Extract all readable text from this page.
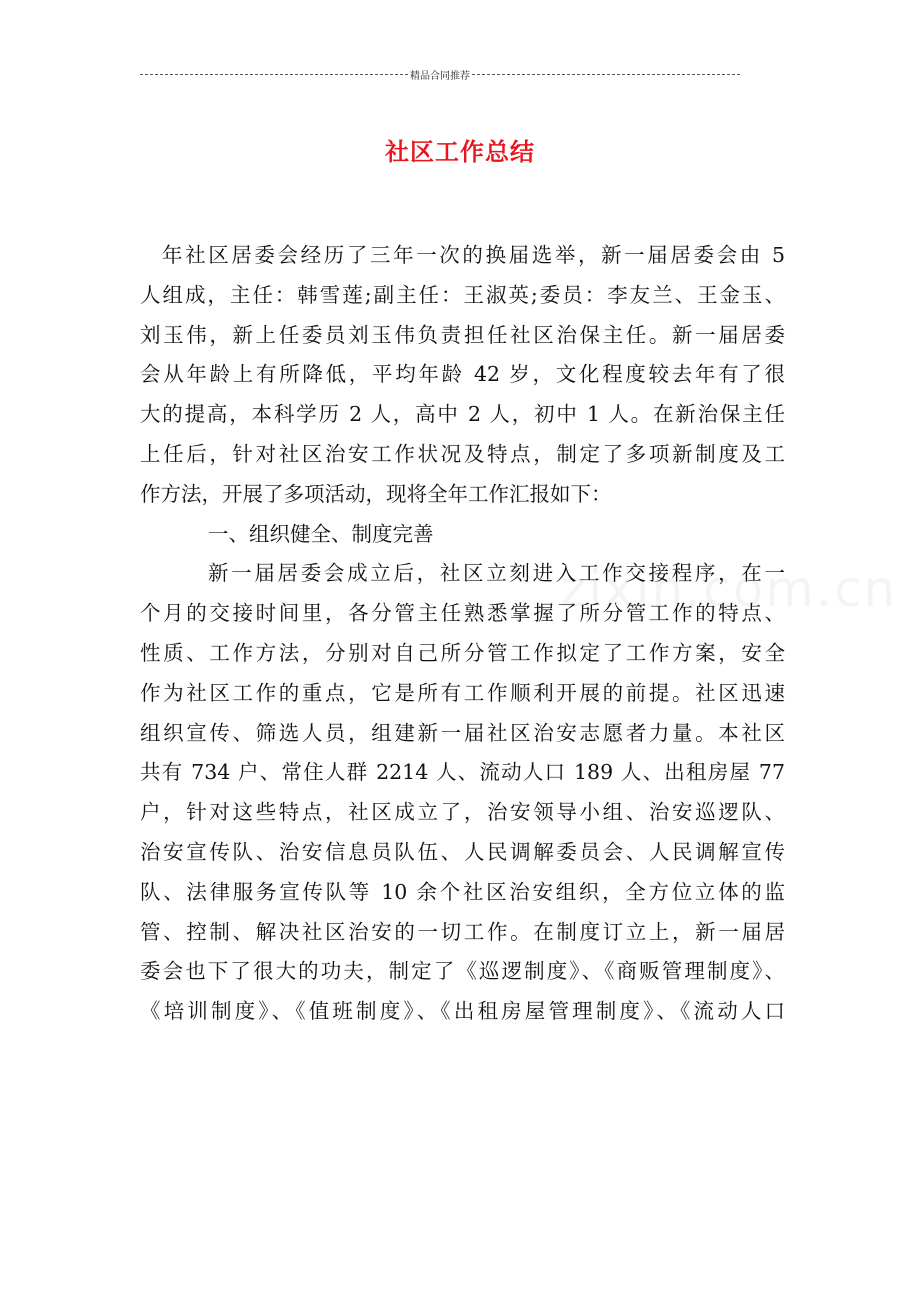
精品合同推荐
社区工作总结

年社区居委会经历了三年一次的换届选举，新一届居委会由 5
人组成，主任：韩雪莲;副主任：王淑英;委员：李友兰、王金玉、
刘玉伟，新上任委员刘玉伟负责担任社区治保主任。新一届居委
会从年龄上有所降低，平均年龄 42 岁，文化程度较去年有了很
大的提高，本科学历 2 人，高中 2 人，初中 1 人。在新治保主任
上任后，针对社区治安工作状况及特点，制定了多项新制度及工
作方法，开展了多项活动，现将全年工作汇报如下：

一、组织健全、制度完善

新一届居委会成立后，社区立刻进入工作交接程序，在一
个月的交接时间里，各分管主任熟悉掌握了所分管工作的特点、
性质、工作方法，分别对自己所分管工作拟定了工作方案，安全
作为社区工作的重点，它是所有工作顺利开展的前提。社区迅速
组织宣传、筛选人员，组建新一届社区治安志愿者力量。本社区
共有 734 户、常住人群 2214 人、流动人口 189 人、出租房屋 77
户，针对这些特点，社区成立了，治安领导小组、治安巡逻队、
治安宣传队、治安信息员队伍、人民调解委员会、人民调解宣传
队、法律服务宣传队等 10 余个社区治安组织，全方位立体的监
管、控制、解决社区治安的一切工作。在制度订立上，新一届居
委会也下了很大的功夫，制定了《巡逻制度》、《商贩管理制度》、
《培训制度》、《值班制度》、《出租房屋管理制度》、《流动人口
